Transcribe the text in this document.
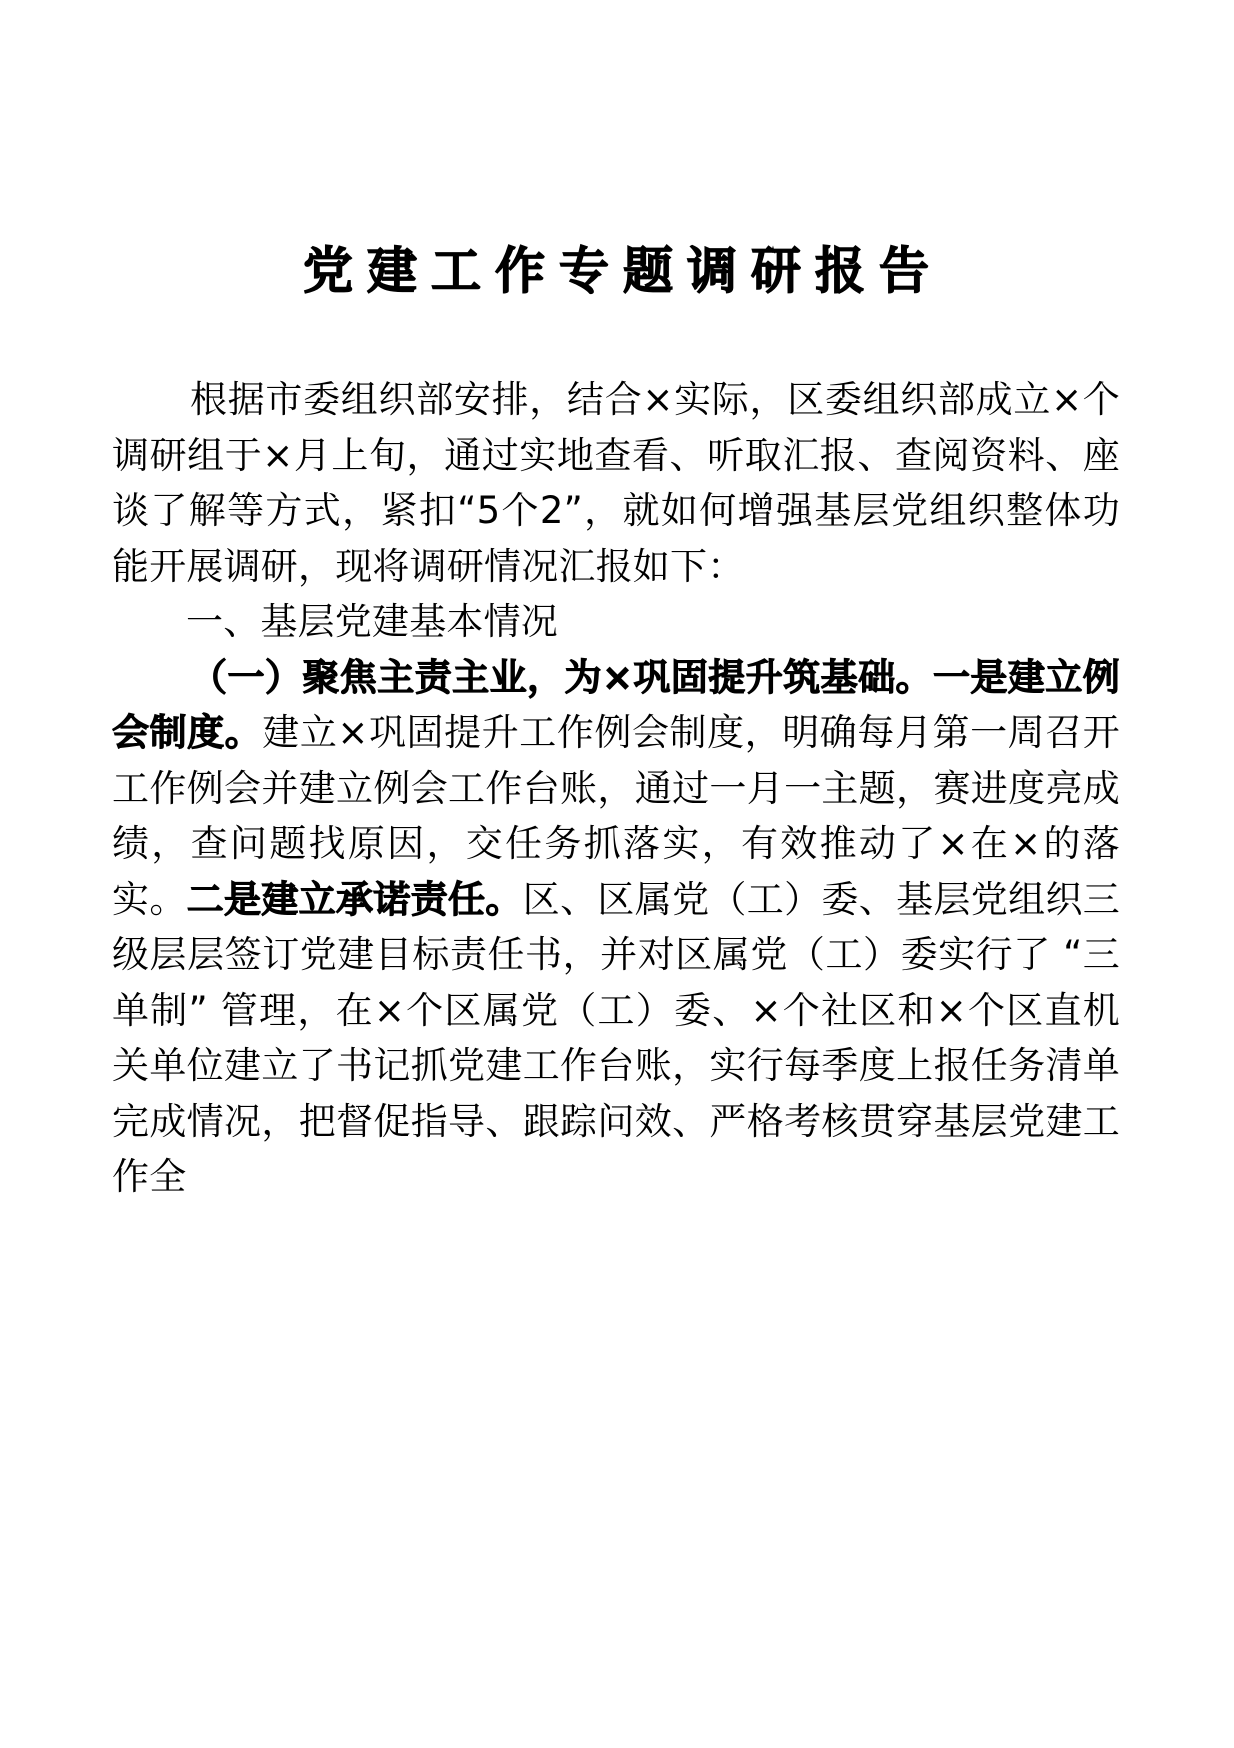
党建工作专题调研报告

根据市委组织部安排，结合×实际，区委组织部成立×个调研组于×月上旬，通过实地查看、听取汇报、查阅资料、座谈了解等方式，紧扣“5个2”，就如何增强基层党组织整体功能开展调研，现将调研情况汇报如下：

一、基层党建基本情况

（一）聚焦主责主业，为×巩固提升筑基础。一是建立例会制度。建立×巩固提升工作例会制度，明确每月第一周召开工作例会并建立例会工作台账，通过一月一主题，赛进度亮成绩，查问题找原因，交任务抓落实，有效推动了×在×的落实。二是建立承诺责任。区、区属党（工）委、基层党组织三级层层签订党建目标责任书，并对区属党（工）委实行了 “三单制” 管理，在×个区属党（工）委、×个社区和×个区直机关单位建立了书记抓党建工作台账，实行每季度上报任务清单完成情况，把督促指导、跟踪问效、严格考核贯穿基层党建工作全
